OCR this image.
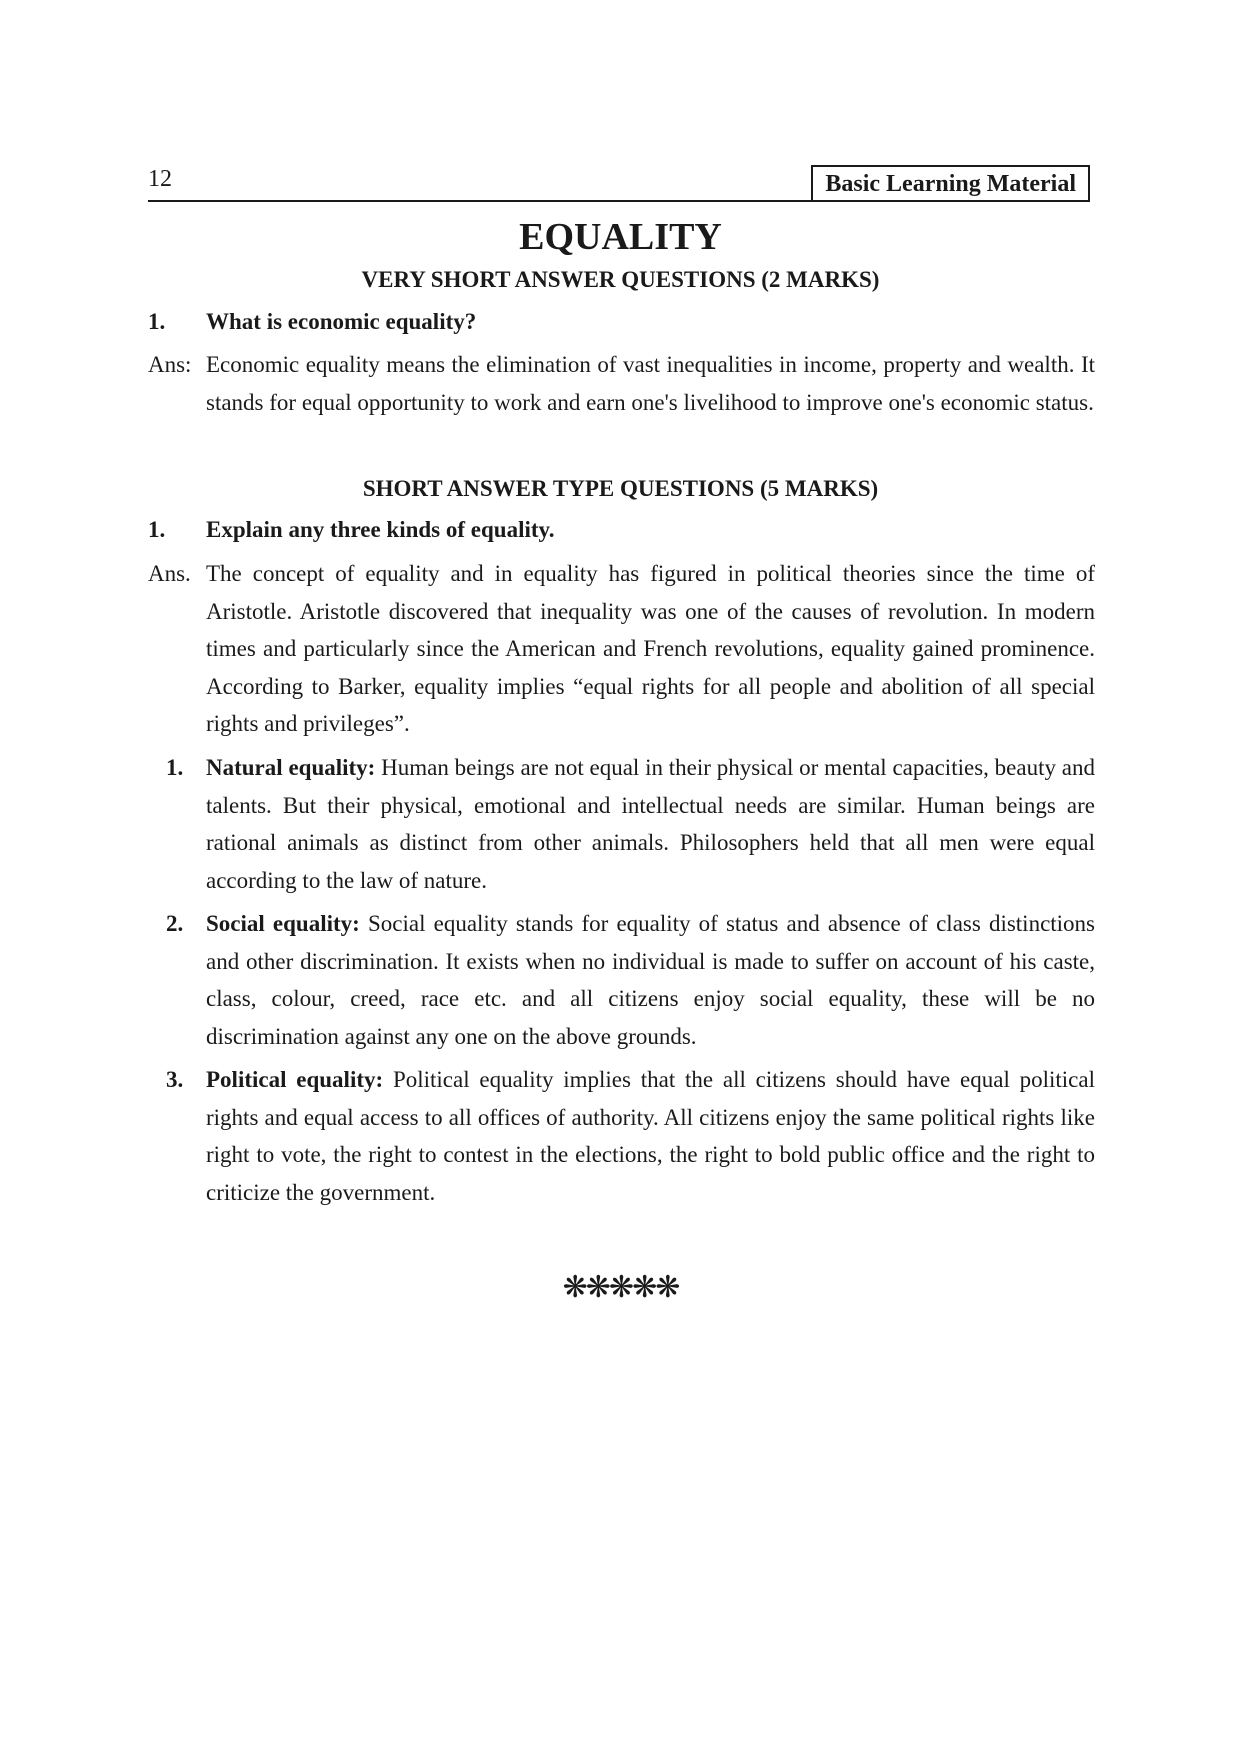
12	Basic Learning Material
EQUALITY
VERY SHORT ANSWER QUESTIONS (2 MARKS)
1. What is economic equality?
Ans: Economic equality means the elimination of vast inequalities in income, property and wealth. It stands for equal opportunity to work and earn one's livelihood to improve one's economic status.
SHORT ANSWER TYPE QUESTIONS (5 MARKS)
1. Explain any three kinds of equality.
Ans. The concept of equality and in equality has figured in political theories since the time of Aristotle. Aristotle discovered that inequality was one of the causes of revolution. In modern times and particularly since the American and French revolutions, equality gained prominence. According to Barker, equality implies “equal rights for all people and abolition of all special rights and privileges”.
1. Natural equality: Human beings are not equal in their physical or mental capacities, beauty and talents. But their physical, emotional and intellectual needs are similar. Human beings are rational animals as distinct from other animals. Philosophers held that all men were equal according to the law of nature.
2. Social equality: Social equality stands for equality of status and absence of class distinctions and other discrimination. It exists when no individual is made to suffer on account of his caste, class, colour, creed, race etc. and all citizens enjoy social equality, these will be no discrimination against any one on the above grounds.
3. Political equality: Political equality implies that the all citizens should have equal political rights and equal access to all offices of authority. All citizens enjoy the same political rights like right to vote, the right to contest in the elections, the right to bold public office and the right to criticize the government.
❋❋❋❋❋
